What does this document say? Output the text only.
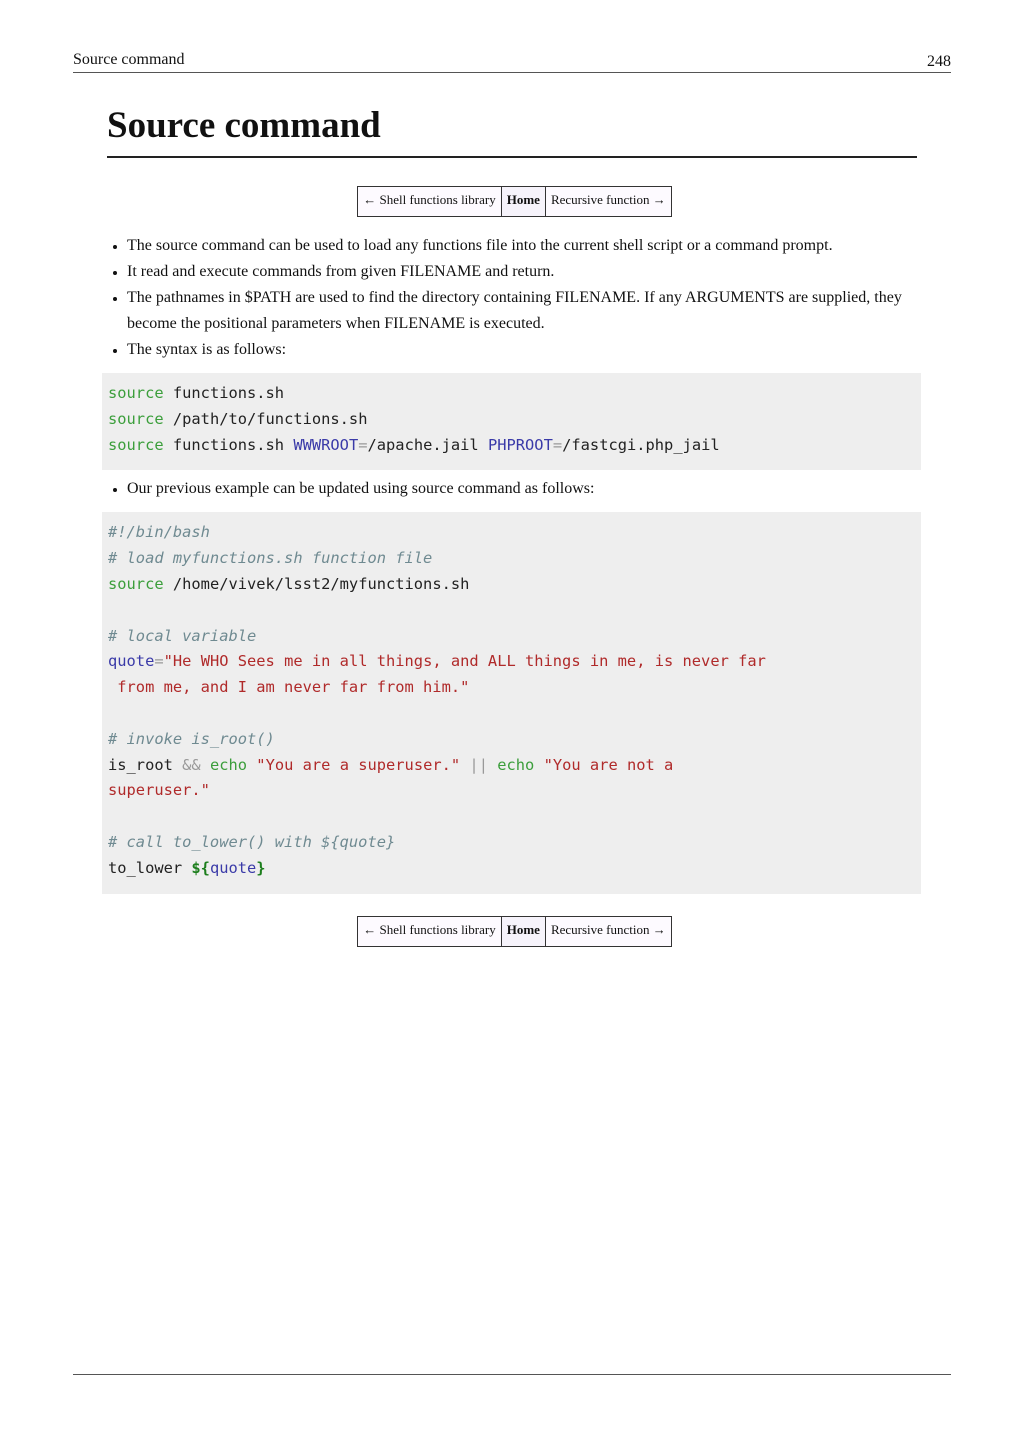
Source command	248
Source command
← Shell functions library	Home	Recursive function →
• The source command can be used to load any functions file into the current shell script or a command prompt.
• It read and execute commands from given FILENAME and return.
• The pathnames in $PATH are used to find the directory containing FILENAME. If any ARGUMENTS are supplied, they become the positional parameters when FILENAME is executed.
• The syntax is as follows:
source functions.sh
source /path/to/functions.sh
source functions.sh WWWROOT=/apache.jail PHPROOT=/fastcgi.php_jail
• Our previous example can be updated using source command as follows:
#!/bin/bash
# load myfunctions.sh function file
source /home/vivek/lsst2/myfunctions.sh

# local variable
quote="He WHO Sees me in all things, and ALL things in me, is never far
from me, and I am never far from him."

# invoke is_root()
is_root && echo "You are a superuser." || echo "You are not a
superuser."

# call to_lower() with ${quote}
to_lower ${quote}
← Shell functions library	Home	Recursive function →
